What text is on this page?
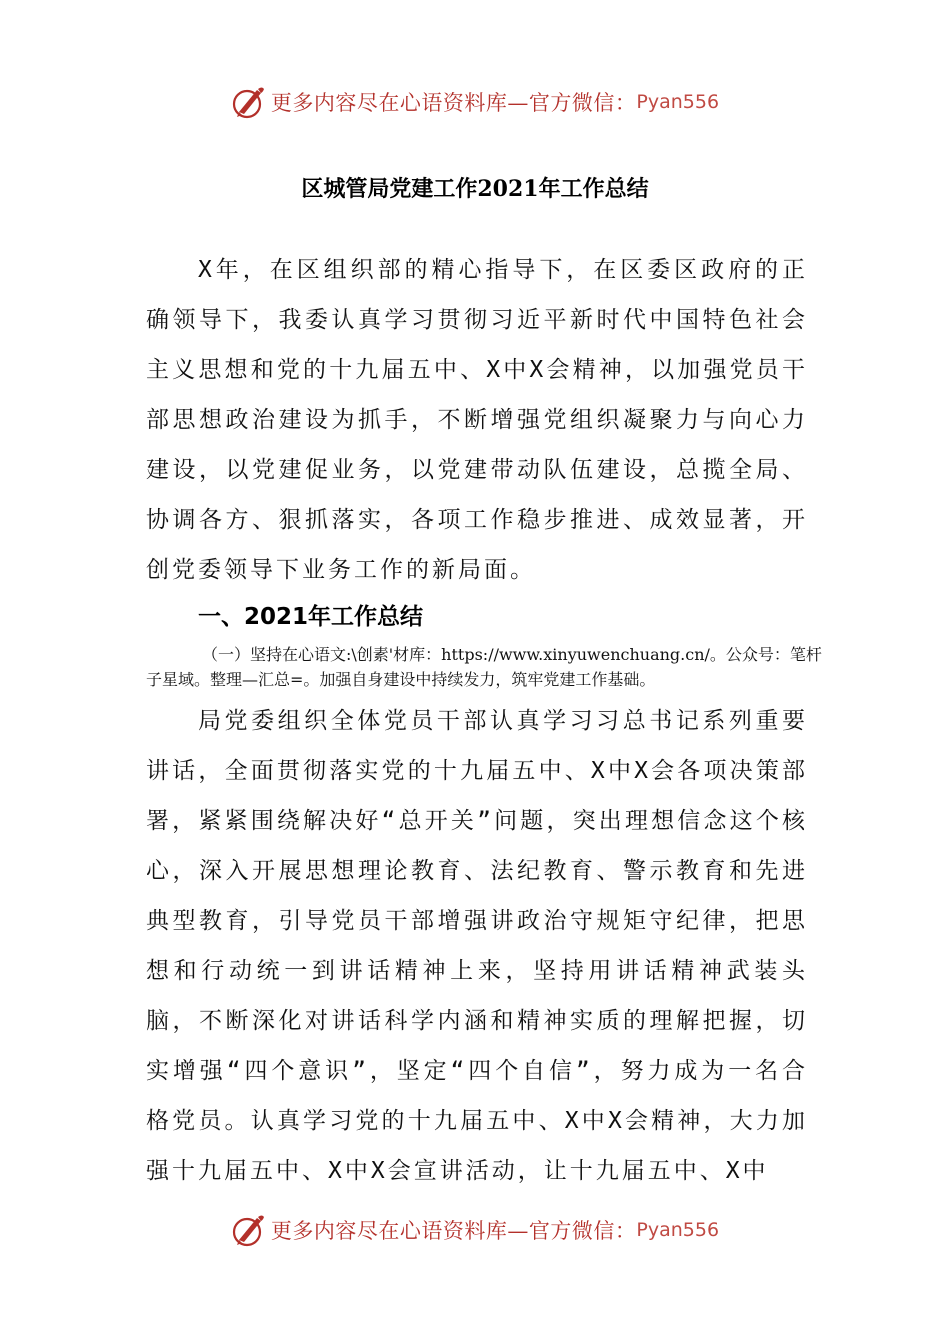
更多内容尽在心语资料库—官方微信： Pyan556
区城管局党建工作2021年工作总结

X年，在区组织部的精心指导下，在区委区政府的正确领导下，我委认真学习贯彻习近平新时代中国特色社会主义思想和党的十九届五中、X中X会精神，以加强党员干部思想政治建设为抓手，不断增强党组织凝聚力与向心力建设，以党建促业务，以党建带动队伍建设，总揽全局、协调各方、狠抓落实，各项工作稳步推进、成效显著，开创党委领导下业务工作的新局面。

一、2021年工作总结

（一）坚持在心语文:\创素'材库：https://www.xinyuwenchuang.cn/。公众号：笔杆子星域。整理—汇总=。加强自身建设中持续发力，筑牢党建工作基础。

局党委组织全体党员干部认真学习习总书记系列重要讲话，全面贯彻落实党的十九届五中、X中X会各项决策部署，紧紧围绕解决好“总开关”问题，突出理想信念这个核心，深入开展思想理论教育、法纪教育、警示教育和先进典型教育，引导党员干部增强讲政治守规矩守纪律，把思想和行动统一到讲话精神上来，坚持用讲话精神武装头脑，不断深化对讲话科学内涵和精神实质的理解把握，切实增强“四个意识”，坚定“四个自信”，努力成为一名合格党员。认真学习党的十九届五中、X中X会精神，大力加强十九届五中、X中X会宣讲活动，让十九届五中、X中

更多内容尽在心语资料库—官方微信： Pyan556
